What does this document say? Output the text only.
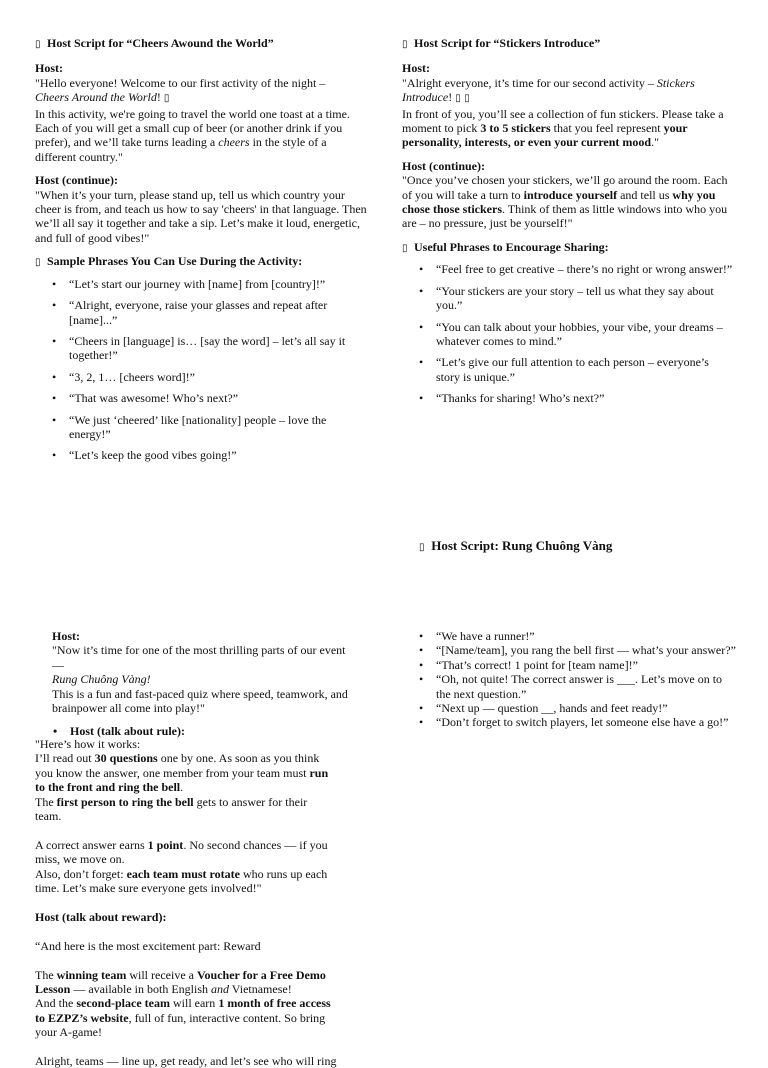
▯ Host Script for “Cheers Awound the World”

Host:

"Hello everyone! Welcome to our first activity of the night –   Cheers Around the World! ▯

In this activity, we're going to travel the world one toast at a time. Each of you will get a small cup of beer (or another drink if you prefer), and we’ll take turns leading a cheers in the style of a different country."

Host (continue):

"When it’s your turn, please stand up, tell us which country your cheer is from, and teach us how to say 'cheers' in that language. Then we’ll all say it together and take a sip. Let’s make it loud, energetic, and full of good vibes!"

▯ Sample Phrases You Can Use During the Activity:

• “Let’s start our journey with [name] from [country]!”
• “Alright, everyone, raise your glasses and repeat after [name]...”
• “Cheers in [language] is… [say the word] – let’s all say it together!”
• “3, 2, 1… [cheers word]!”
• “That was awesome! Who’s next?”
• “We just ‘cheered’ like [nationality] people – love the energy!”
• “Let’s keep the good vibes going!”

▯ Host Script for “Stickers Introduce”

Host:

"Alright everyone, it’s time for our second activity – Stickers Introduce! ▯ ▯

In front of you, you’ll see a collection of fun stickers. Please take a moment to pick 3 to 5 stickers that you feel represent your personality, interests, or even your current mood."

Host (continue):

"Once you’ve chosen your stickers, we’ll go around the room. Each of you will take a turn to introduce yourself and tell us why you chose those stickers. Think of them as little windows into who you are – no pressure, just be yourself!"

▯ Useful Phrases to Encourage Sharing:

• “Feel free to get creative – there’s no right or wrong answer!”
• “Your stickers are your story – tell us what they say about you.”
• “You can talk about your hobbies, your vibe, your dreams – whatever comes to mind.”
• “Let’s give our full attention to each person – everyone’s story is unique.”
• “Thanks for sharing! Who’s next?”
▯ Host Script: Rung Chuông Vàng

Host:

"Now it’s time for one of the most thrilling parts of our event —

Rung Chuông Vàng!

This is a fun and fast-paced quiz where speed, teamwork, and brainpower all come into play!"

• Host (talk about rule):

"Here’s how it works:

I’ll read out 30 questions one by one. As soon as you think you know the answer, one member from your team must run to the front and ring the bell.

The first person to ring the bell gets to answer for their team.

A correct answer earns 1 point. No second chances — if you miss, we move on.

Also, don’t forget: each team must rotate who runs up each time. Let’s make sure everyone gets involved!"

Host (talk about reward):

“And here is the most excitement part: Reward

The winning team will receive a Voucher for a Free Demo Lesson — available in both English and Vietnamese!

And the second-place team will earn 1 month of free access to EZPZ’s website, full of fun, interactive content. So bring your A-game!

Alright, teams — line up, get ready, and let’s see who will ring

• “We have a runner!”
• “[Name/team], you rang the bell first — what’s your answer?”
• “That’s correct! 1 point for [team name]!”
• “Oh, not quite! The correct answer is ___. Let’s move on to the next question.”
• “Next up — question __, hands and feet ready!”
• “Don’t forget to switch players, let someone else have a go!”
